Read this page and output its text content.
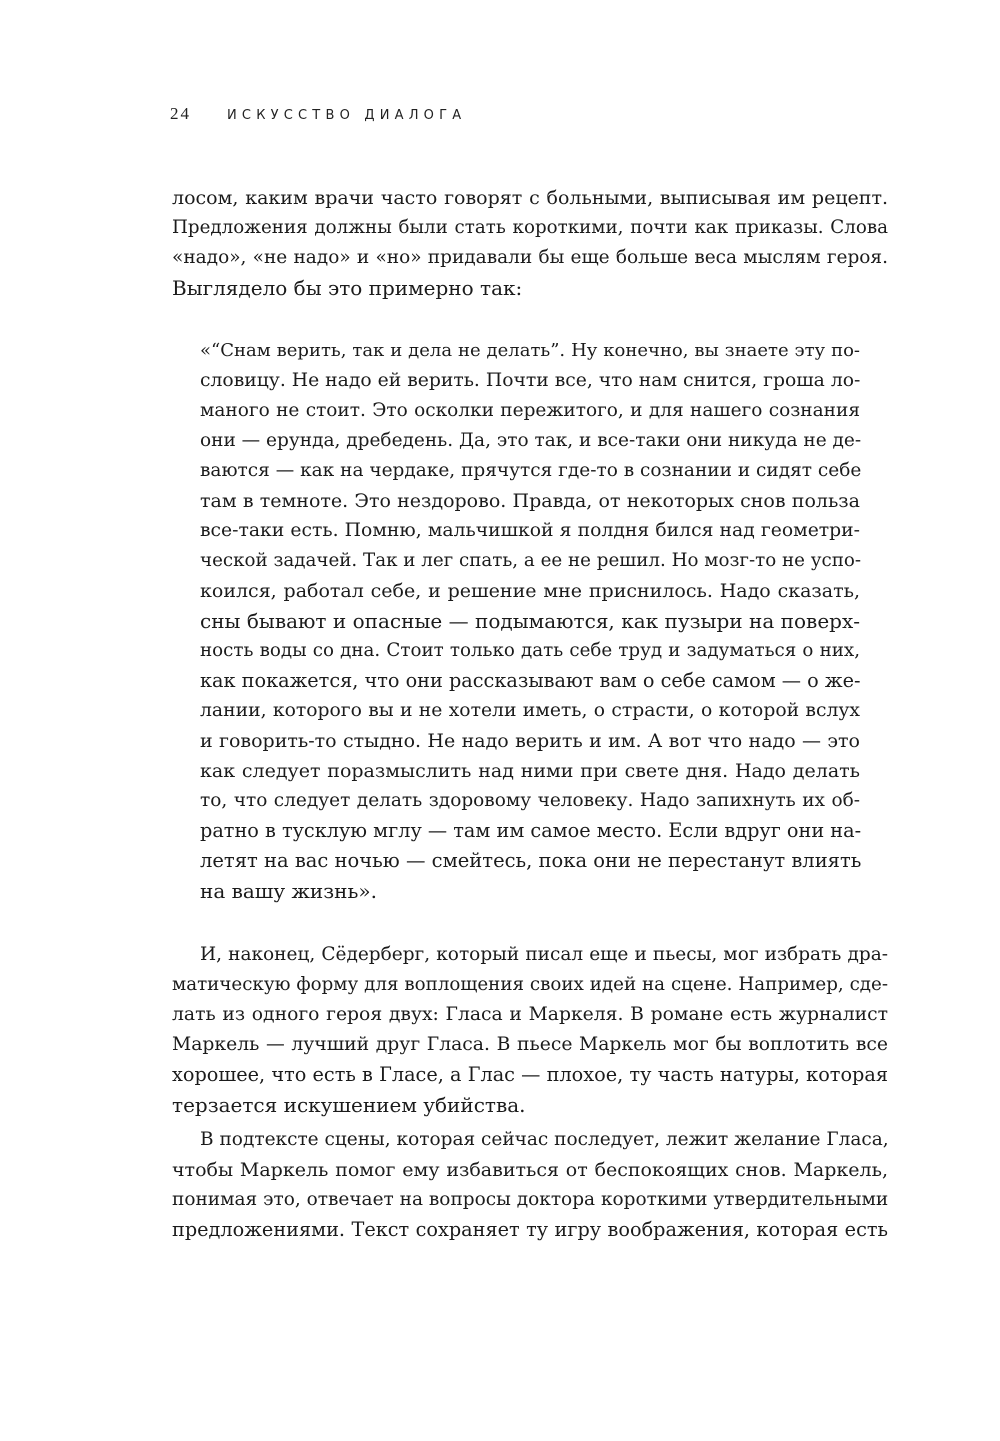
24	ИСКУССТВО ДИАЛОГА
лосом, каким врачи часто говорят с больными, выписывая им рецепт.
Предложения должны были стать короткими, почти как приказы. Слова
«надо», «не надо» и «но» придавали бы еще больше веса мыслям героя.
Выглядело бы это примерно так:
«“Снам верить, так и дела не делать”. Ну конечно, вы знаете эту по-
словицу. Не надо ей верить. Почти все, что нам снится, гроша ло-
маного не стоит. Это осколки пережитого, и для нашего сознания
они — ерунда, дребедень. Да, это так, и все-таки они никуда не де-
ваются — как на чердаке, прячутся где-то в сознании и сидят себе
там в темноте. Это нездорово. Правда, от некоторых снов польза
все-таки есть. Помню, мальчишкой я полдня бился над геометри-
ческой задачей. Так и лег спать, а ее не решил. Но мозг-то не успо-
коился, работал себе, и решение мне приснилось. Надо сказать,
сны бывают и опасные — подымаются, как пузыри на поверх-
ность воды со дна. Стоит только дать себе труд и задуматься о них,
как покажется, что они рассказывают вам о себе самом — о же-
лании, которого вы и не хотели иметь, о страсти, о которой вслух
и говорить-то стыдно. Не надо верить и им. А вот что надо — это
как следует поразмыслить над ними при свете дня. Надо делать
то, что следует делать здоровому человеку. Надо запихнуть их об-
ратно в тусклую мглу — там им самое место. Если вдруг они на-
летят на вас ночью — смейтесь, пока они не перестанут влиять
на вашу жизнь».
И, наконец, Сёдерберг, который писал еще и пьесы, мог избрать дра-
матическую форму для воплощения своих идей на сцене. Например, сде-
лать из одного героя двух: Гласа и Маркеля. В романе есть журналист
Маркель — лучший друг Гласа. В пьесе Маркель мог бы воплотить все
хорошее, что есть в Гласе, а Глас — плохое, ту часть натуры, которая
терзается искушением убийства.
В подтексте сцены, которая сейчас последует, лежит желание Гласа,
чтобы Маркель помог ему избавиться от беспокоящих снов. Маркель,
понимая это, отвечает на вопросы доктора короткими утвердительными
предложениями. Текст сохраняет ту игру воображения, которая есть
